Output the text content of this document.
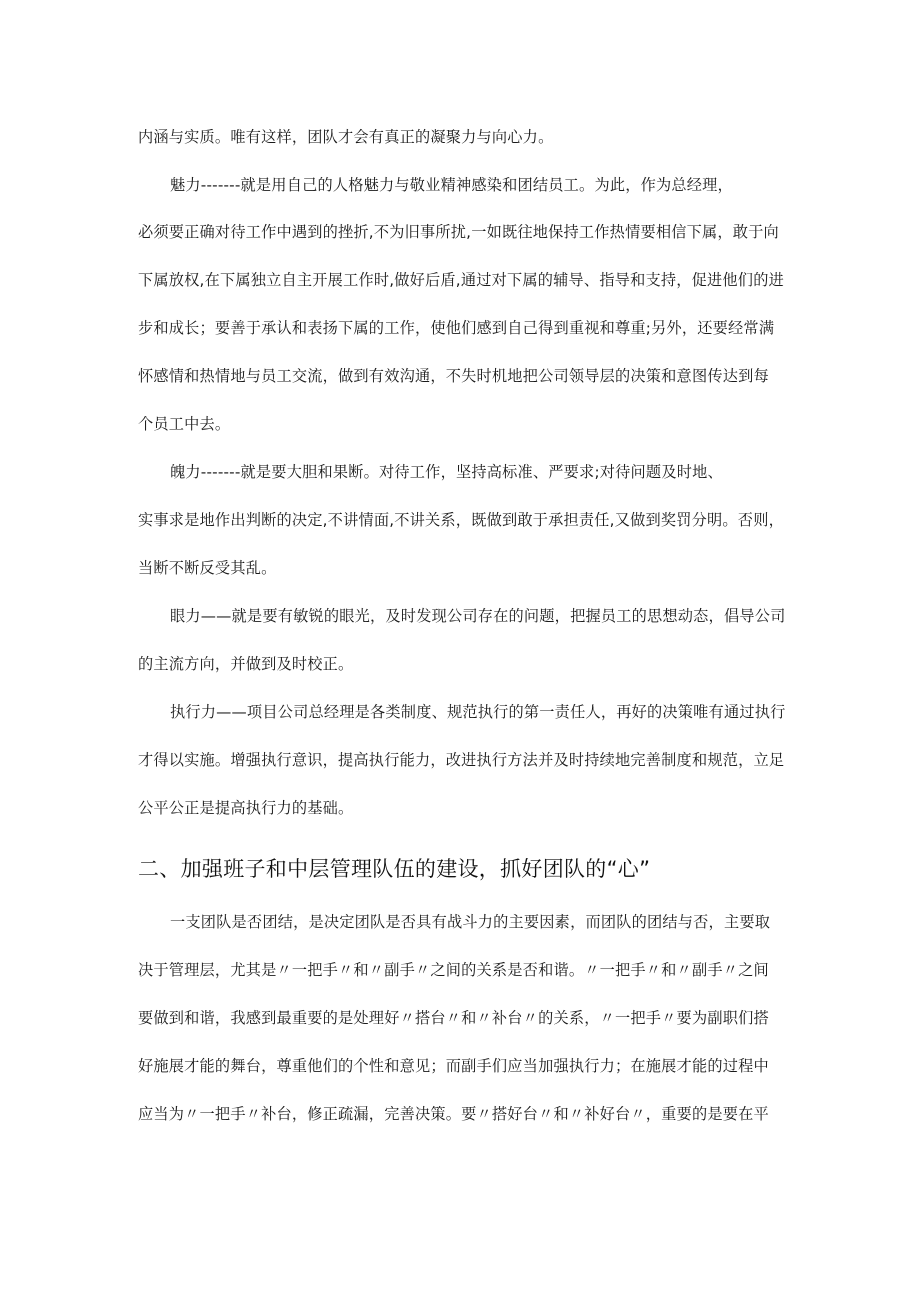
内涵与实质。唯有这样，团队才会有真正的凝聚力与向心力。
魅力-------就是用自己的人格魅力与敬业精神感染和团结员工。为此，作为总经理，
必须要正确对待工作中遇到的挫折,不为旧事所扰,一如既往地保持工作热情要相信下属，敢于向
下属放权,在下属独立自主开展工作时,做好后盾,通过对下属的辅导、指导和支持，促进他们的进
步和成长；要善于承认和表扬下属的工作，使他们感到自己得到重视和尊重;另外，还要经常满
怀感情和热情地与员工交流，做到有效沟通，不失时机地把公司领导层的决策和意图传达到每
个员工中去。
魄力-------就是要大胆和果断。对待工作，坚持高标准、严要求;对待问题及时地、
实事求是地作出判断的决定,不讲情面,不讲关系，既做到敢于承担责任,又做到奖罚分明。否则，
当断不断反受其乱。
眼力——就是要有敏锐的眼光，及时发现公司存在的问题，把握员工的思想动态，倡导公司
的主流方向，并做到及时校正。
执行力——项目公司总经理是各类制度、规范执行的第一责任人，再好的决策唯有通过执行
才得以实施。增强执行意识，提高执行能力，改进执行方法并及时持续地完善制度和规范，立足
公平公正是提高执行力的基础。
二、加强班子和中层管理队伍的建设，抓好团队的“心”
一支团队是否团结，是决定团队是否具有战斗力的主要因素，而团队的团结与否，主要取
决于管理层，尤其是〃一把手〃和〃副手〃之间的关系是否和谐。〃一把手〃和〃副手〃之间
要做到和谐，我感到最重要的是处理好〃搭台〃和〃补台〃的关系，〃一把手〃要为副职们搭
好施展才能的舞台，尊重他们的个性和意见；而副手们应当加强执行力；在施展才能的过程中
应当为〃一把手〃补台，修正疏漏，完善决策。要〃搭好台〃和〃补好台〃，重要的是要在平
